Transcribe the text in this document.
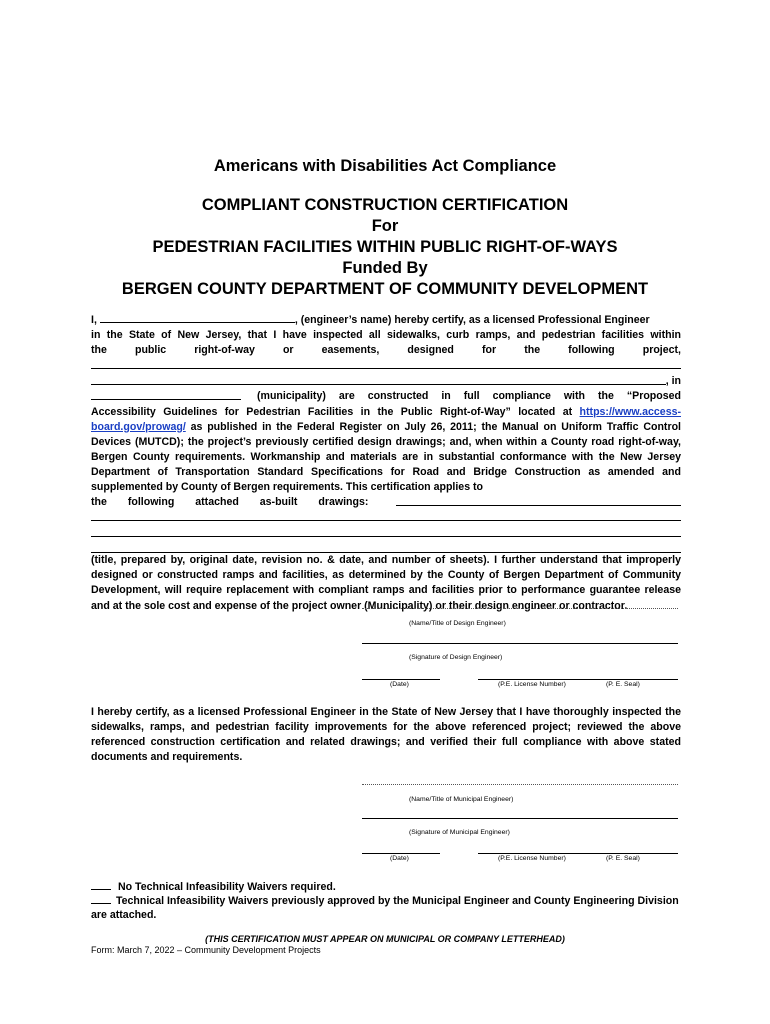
Americans with Disabilities Act Compliance
COMPLIANT CONSTRUCTION CERTIFICATION
For
PEDESTRIAN FACILITIES WITHIN PUBLIC RIGHT-OF-WAYS
Funded By
BERGEN COUNTY DEPARTMENT OF COMMUNITY DEVELOPMENT
I,	, (engineer’s name) hereby certify, as a licensed Professional Engineer
in the State of New Jersey, that I have inspected all sidewalks, curb ramps, and pedestrian facilities within
the public right-of-way or easements, designed for the following project,
, in
(municipality) are constructed in full compliance with the “Proposed

Accessibility Guidelines for Pedestrian Facilities in the Public Right-of-Way” located at https://www.access-board.gov/prowag/ as published in the Federal Register on July 26, 2011; the Manual on Uniform Traffic Control Devices (MUTCD); the project’s previously certified design drawings; and, when within a County road right-of-way, Bergen County requirements. Workmanship and materials are in substantial conformance with the New Jersey Department of Transportation Standard Specifications for Road and Bridge Construction as amended and supplemented by County of Bergen requirements. This certification applies to

the following attached as-built drawings:

(title, prepared by, original date, revision no. & date, and number of sheets). I further understand that improperly designed or constructed ramps and facilities, as determined by the County of Bergen Department of Community Development, will require replacement with compliant ramps and facilities prior to performance guarantee release and at the sole cost and expense of the project owner (Municipality) or their design engineer or contractor.

(Name/Title of Design Engineer)
(Signature of Design Engineer)
(Date)	(P.E. License Number)	(P. E. Seal)

I hereby certify, as a licensed Professional Engineer in the State of New Jersey that I have thoroughly inspected the sidewalks, ramps, and pedestrian facility improvements for the above referenced project; reviewed the above referenced construction certification and related drawings; and verified their full compliance with above stated documents and requirements.

(Name/Title of Municipal Engineer)
(Signature of Municipal Engineer)
(Date)	(P.E. License Number)	(P. E. Seal)

No Technical Infeasibility Waivers required.

Technical Infeasibility Waivers previously approved by the Municipal Engineer and County Engineering Division are attached.

(THIS CERTIFICATION MUST APPEAR ON MUNICIPAL OR COMPANY LETTERHEAD)
Form: March 7, 2022 – Community Development Projects
